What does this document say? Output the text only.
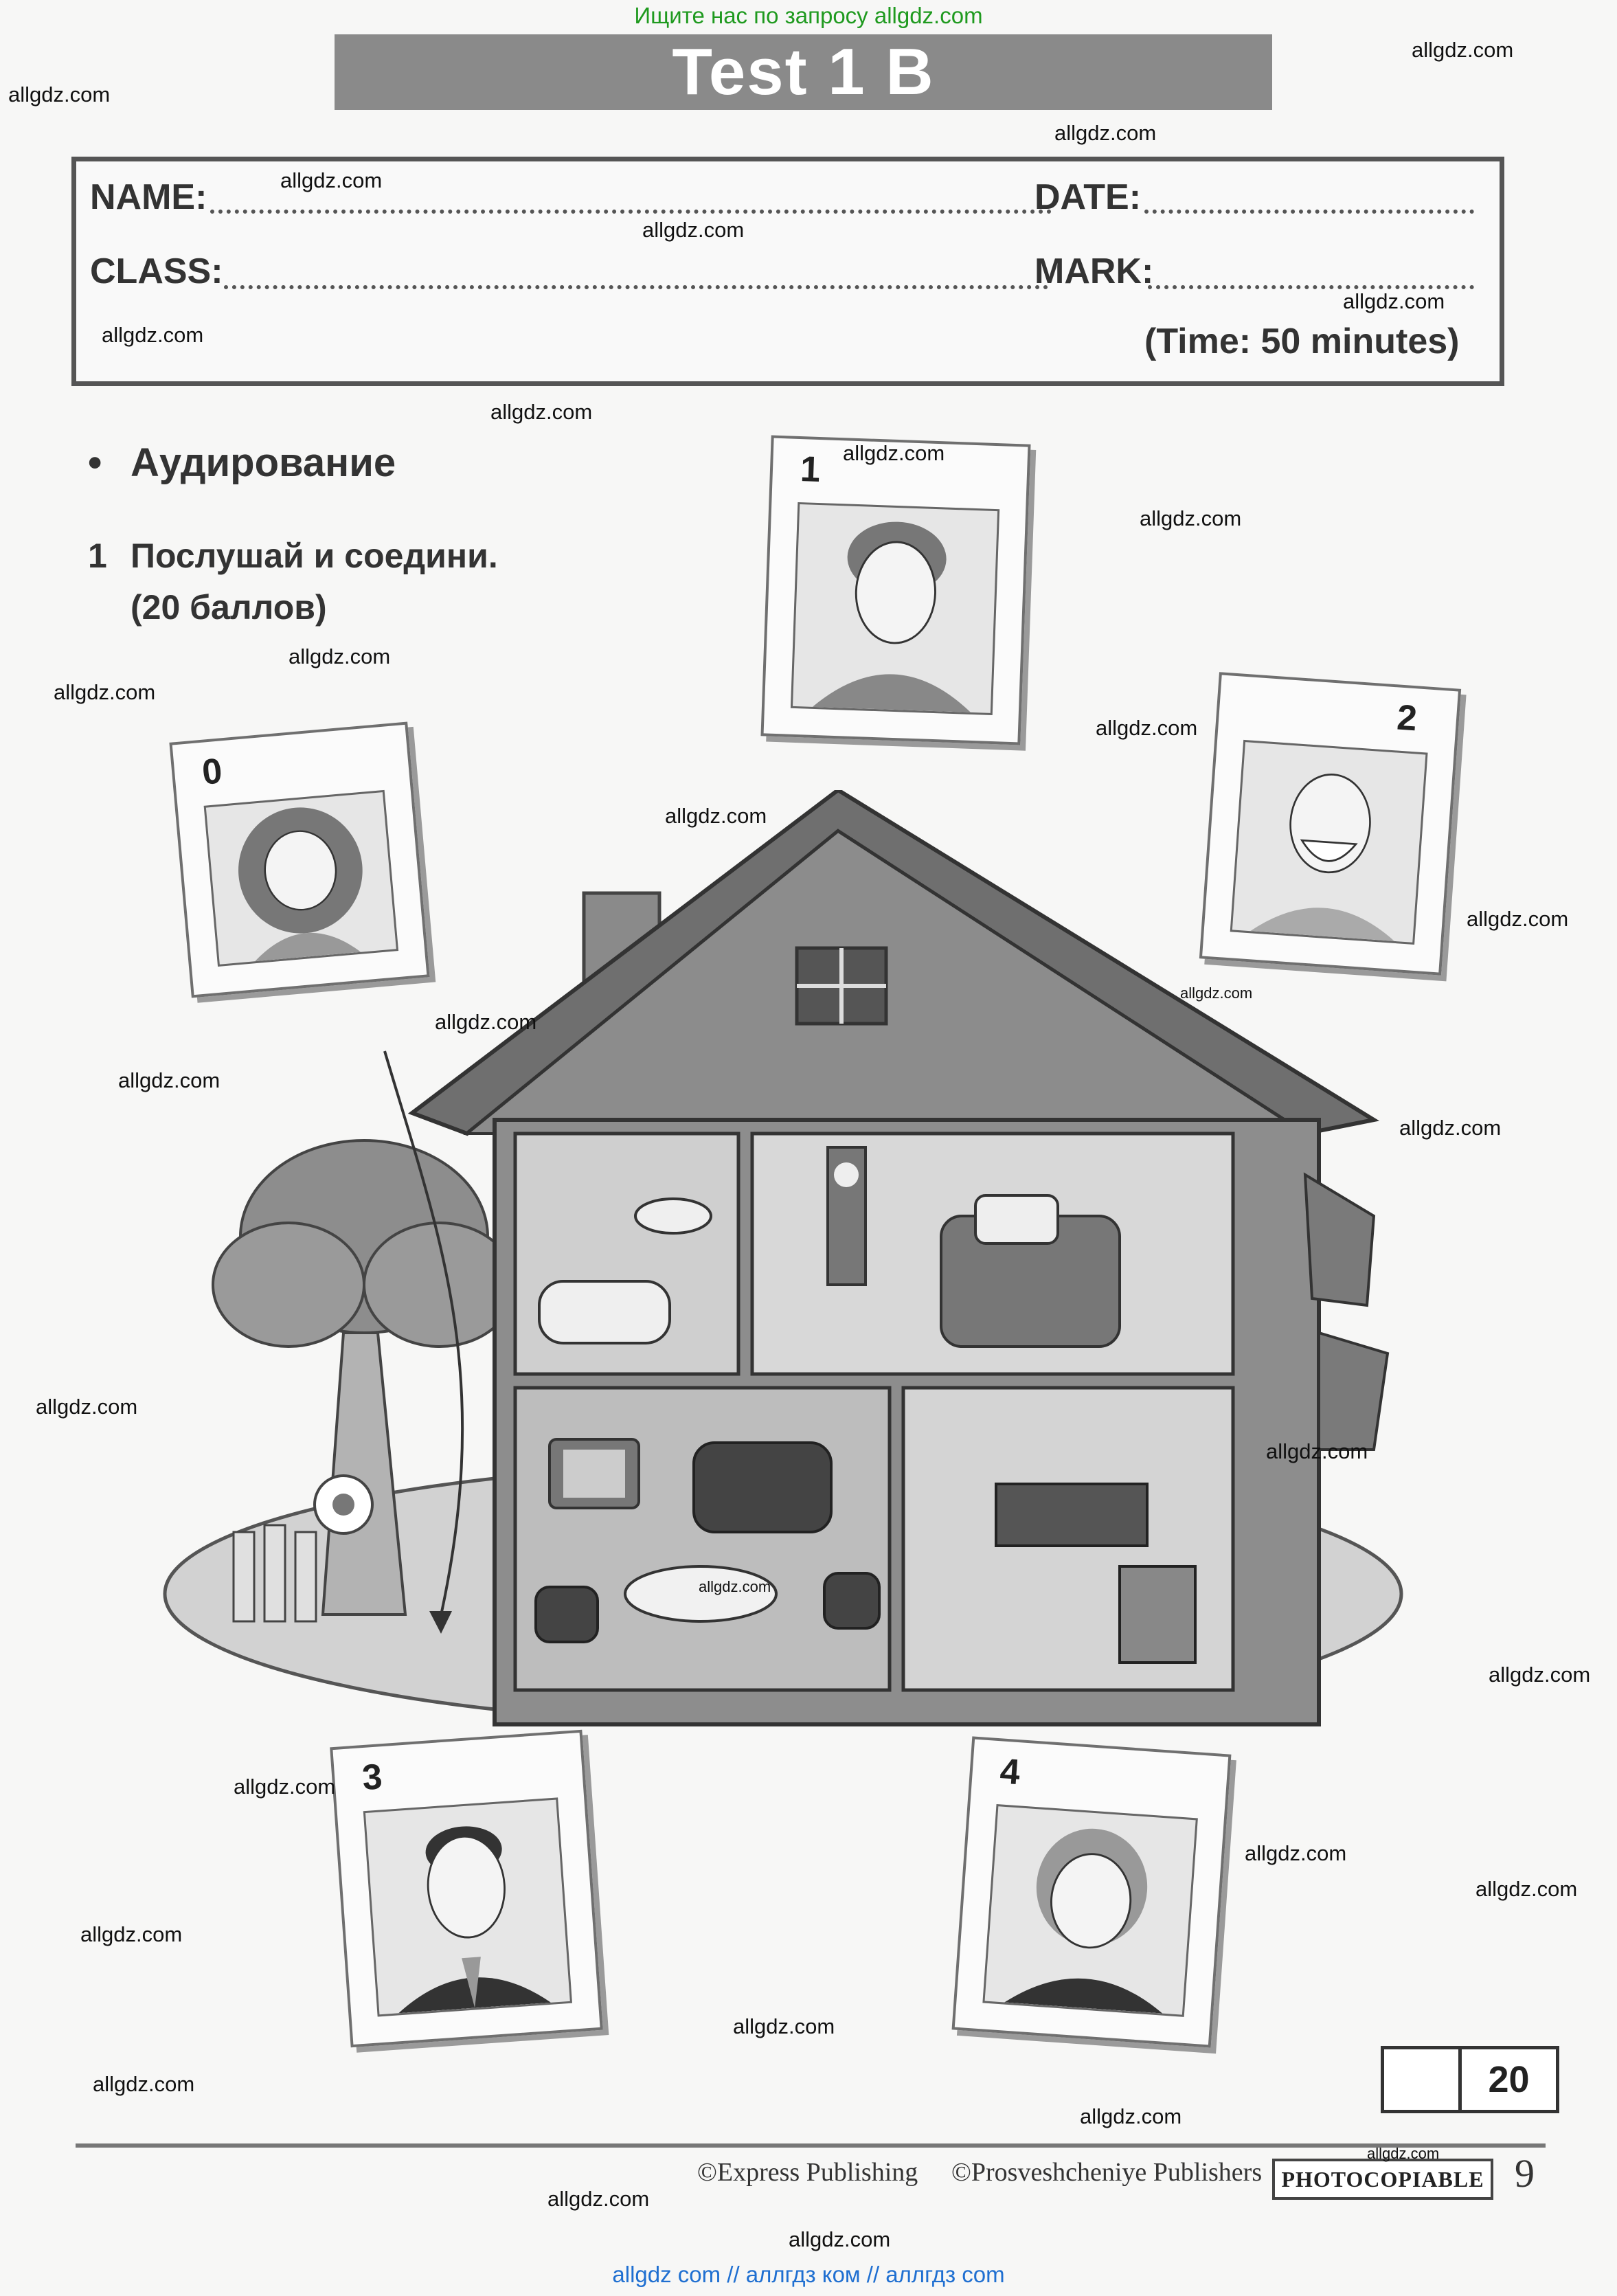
Ищите нас по запросу allgdz.com
allgdz com // аллгдз ком // аллгдз com
Test 1 B
NAME:	DATE:
CLASS:	MARK:
(Time: 50 minutes)
• Аудирование
1 Послушай и соедини.
(20 баллов)
0
1
2
3	4
20
©Express Publishing ©Prosveshcheniye Publishers PHOTOCOPIABLE 9
allgdz.com
allgdz.com
allgdz.com
allgdz.com
allgdz.com
allgdz.com
allgdz.com
allgdz.com
allgdz.com
allgdz.com
allgdz.com
allgdz.com
allgdz.com
allgdz.com
allgdz.com
allgdz.com
allgdz.com
allgdz.com
allgdz.com
allgdz.com
allgdz.com
allgdz.com
allgdz.com
allgdz.com
allgdz.com
allgdz.com
allgdz.com
allgdz.com
allgdz.com
allgdz.com
allgdz.com
allgdz.com
allgdz.com
